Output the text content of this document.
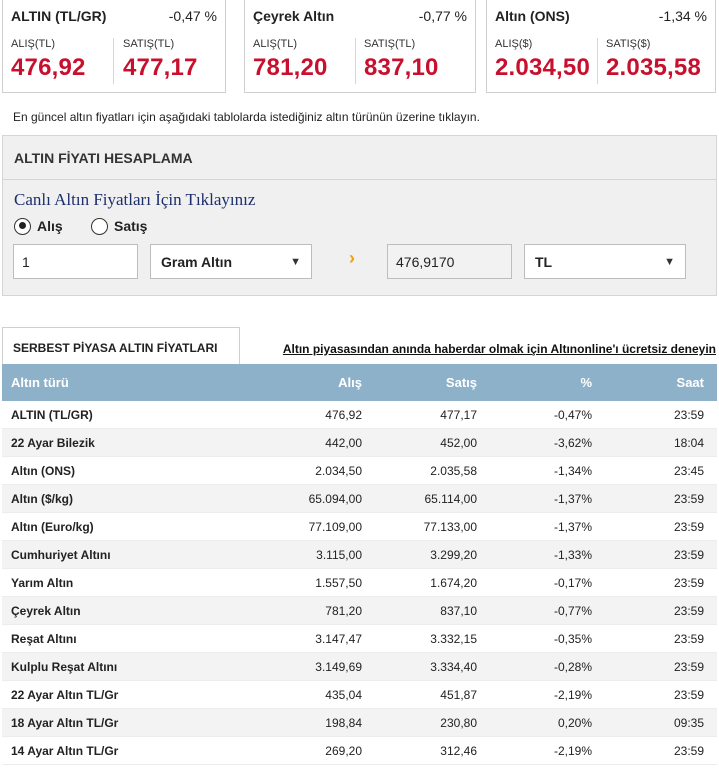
ALTIN (TL/GR)	-0,47 %
ALIŞ(TL)
476,92
SATIŞ(TL)
477,17
Çeyrek Altın	-0,77 %
ALIŞ(TL)
781,20
SATIŞ(TL)
837,10
Altın (ONS)	-1,34 %
ALIŞ($)
2.034,50
SATIŞ($)
2.035,58
En güncel altın fiyatları için aşağıdaki tablolarda istediğiniz altın türünün üzerine tıklayın.
ALTIN FİYATI HESAPLAMA
Canlı Altın Fiyatları İçin Tıklayınız
Alış	Satış
1	Gram Altın	▼	›	476,9170	TL	▼
SERBEST PİYASA ALTIN FİYATLARI	Altın piyasasından anında haberdar olmak için Altınonline'ı ücretsiz deneyin
Altın türü	Alış	Satış	%	Saat
ALTIN (TL/GR)	476,92	477,17	-0,47%	23:59
22 Ayar Bilezik	442,00	452,00	-3,62%	18:04
Altın (ONS)	2.034,50	2.035,58	-1,34%	23:45
Altın ($/kg)	65.094,00	65.114,00	-1,37%	23:59
Altın (Euro/kg)	77.109,00	77.133,00	-1,37%	23:59
Cumhuriyet Altını	3.115,00	3.299,20	-1,33%	23:59
Yarım Altın	1.557,50	1.674,20	-0,17%	23:59
Çeyrek Altın	781,20	837,10	-0,77%	23:59
Reşat Altını	3.147,47	3.332,15	-0,35%	23:59
Kulplu Reşat Altını	3.149,69	3.334,40	-0,28%	23:59
22 Ayar Altın TL/Gr	435,04	451,87	-2,19%	23:59
18 Ayar Altın TL/Gr	198,84	230,80	0,20%	09:35
14 Ayar Altın TL/Gr	269,20	312,46	-2,19%	23:59
